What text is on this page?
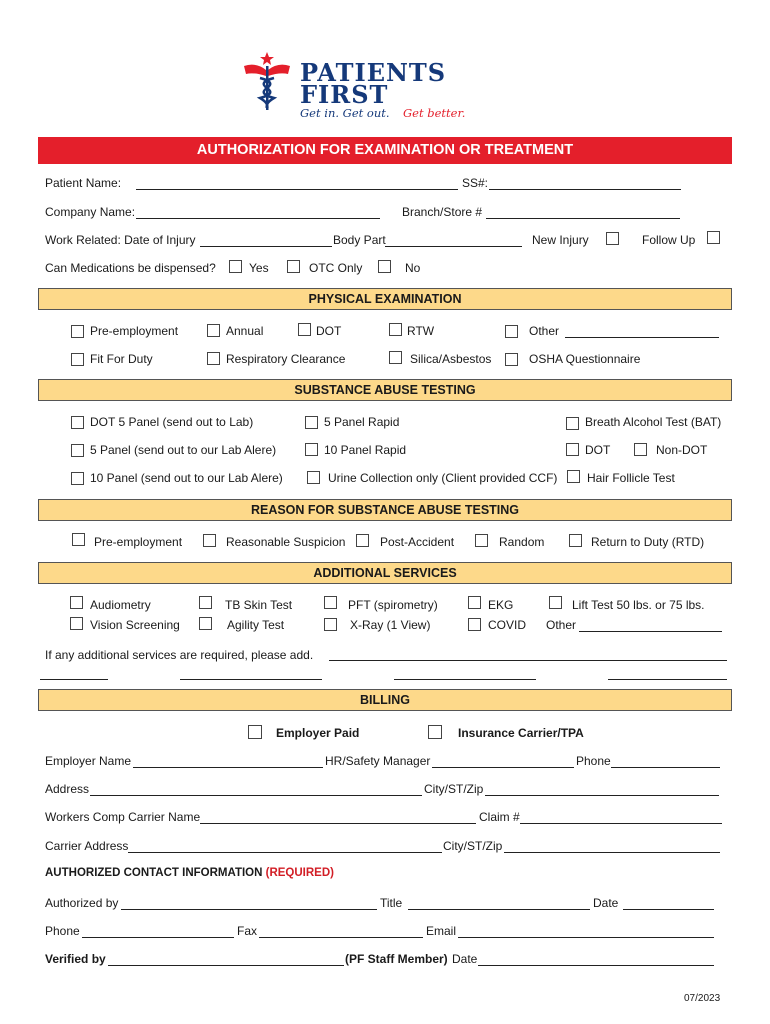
PATIENTS
FIRST
Get in. Get out. Get better.
AUTHORIZATION FOR EXAMINATION OR TREATMENT
Patient Name:	SS#:
Company Name:	Branch/Store #
Work Related: Date of Injury	Body Part	New Injury	Follow Up
Can Medications be dispensed?	Yes	OTC Only	No
PHYSICAL EXAMINATION
Pre-employment	Annual	DOT	RTW	Other
Fit For Duty	Respiratory Clearance	Silica/Asbestos	OSHA Questionnaire
SUBSTANCE ABUSE TESTING
DOT 5 Panel (send out to Lab)	5 Panel Rapid	Breath Alcohol Test (BAT)
5 Panel (send out to our Lab Alere)	10 Panel Rapid	DOT	Non-DOT
10 Panel (send out to our Lab Alere)	Urine Collection only (Client provided CCF) Hair Follicle Test
REASON FOR SUBSTANCE ABUSE TESTING
Pre-employment	Reasonable Suspicion	Post-Accident	Random	Return to Duty (RTD)
ADDITIONAL SERVICES
Audiometry	TB Skin Test	PFT (spirometry)	EKG	Lift Test 50 lbs. or 75 lbs.
Vision Screening	Agility Test	X-Ray (1 View)	COVID Other
If any additional services are required, please add.
BILLING
Employer Paid	Insurance Carrier/TPA
Employer Name	HR/Safety Manager	Phone
Address	City/ST/Zip
Workers Comp Carrier Name	Claim #
Carrier Address	City/ST/Zip
AUTHORIZED CONTACT INFORMATION (REQUIRED)
Authorized by	Title	Date
Phone	Fax	Email
Verified by	(PF Staff Member) Date
07/2023
